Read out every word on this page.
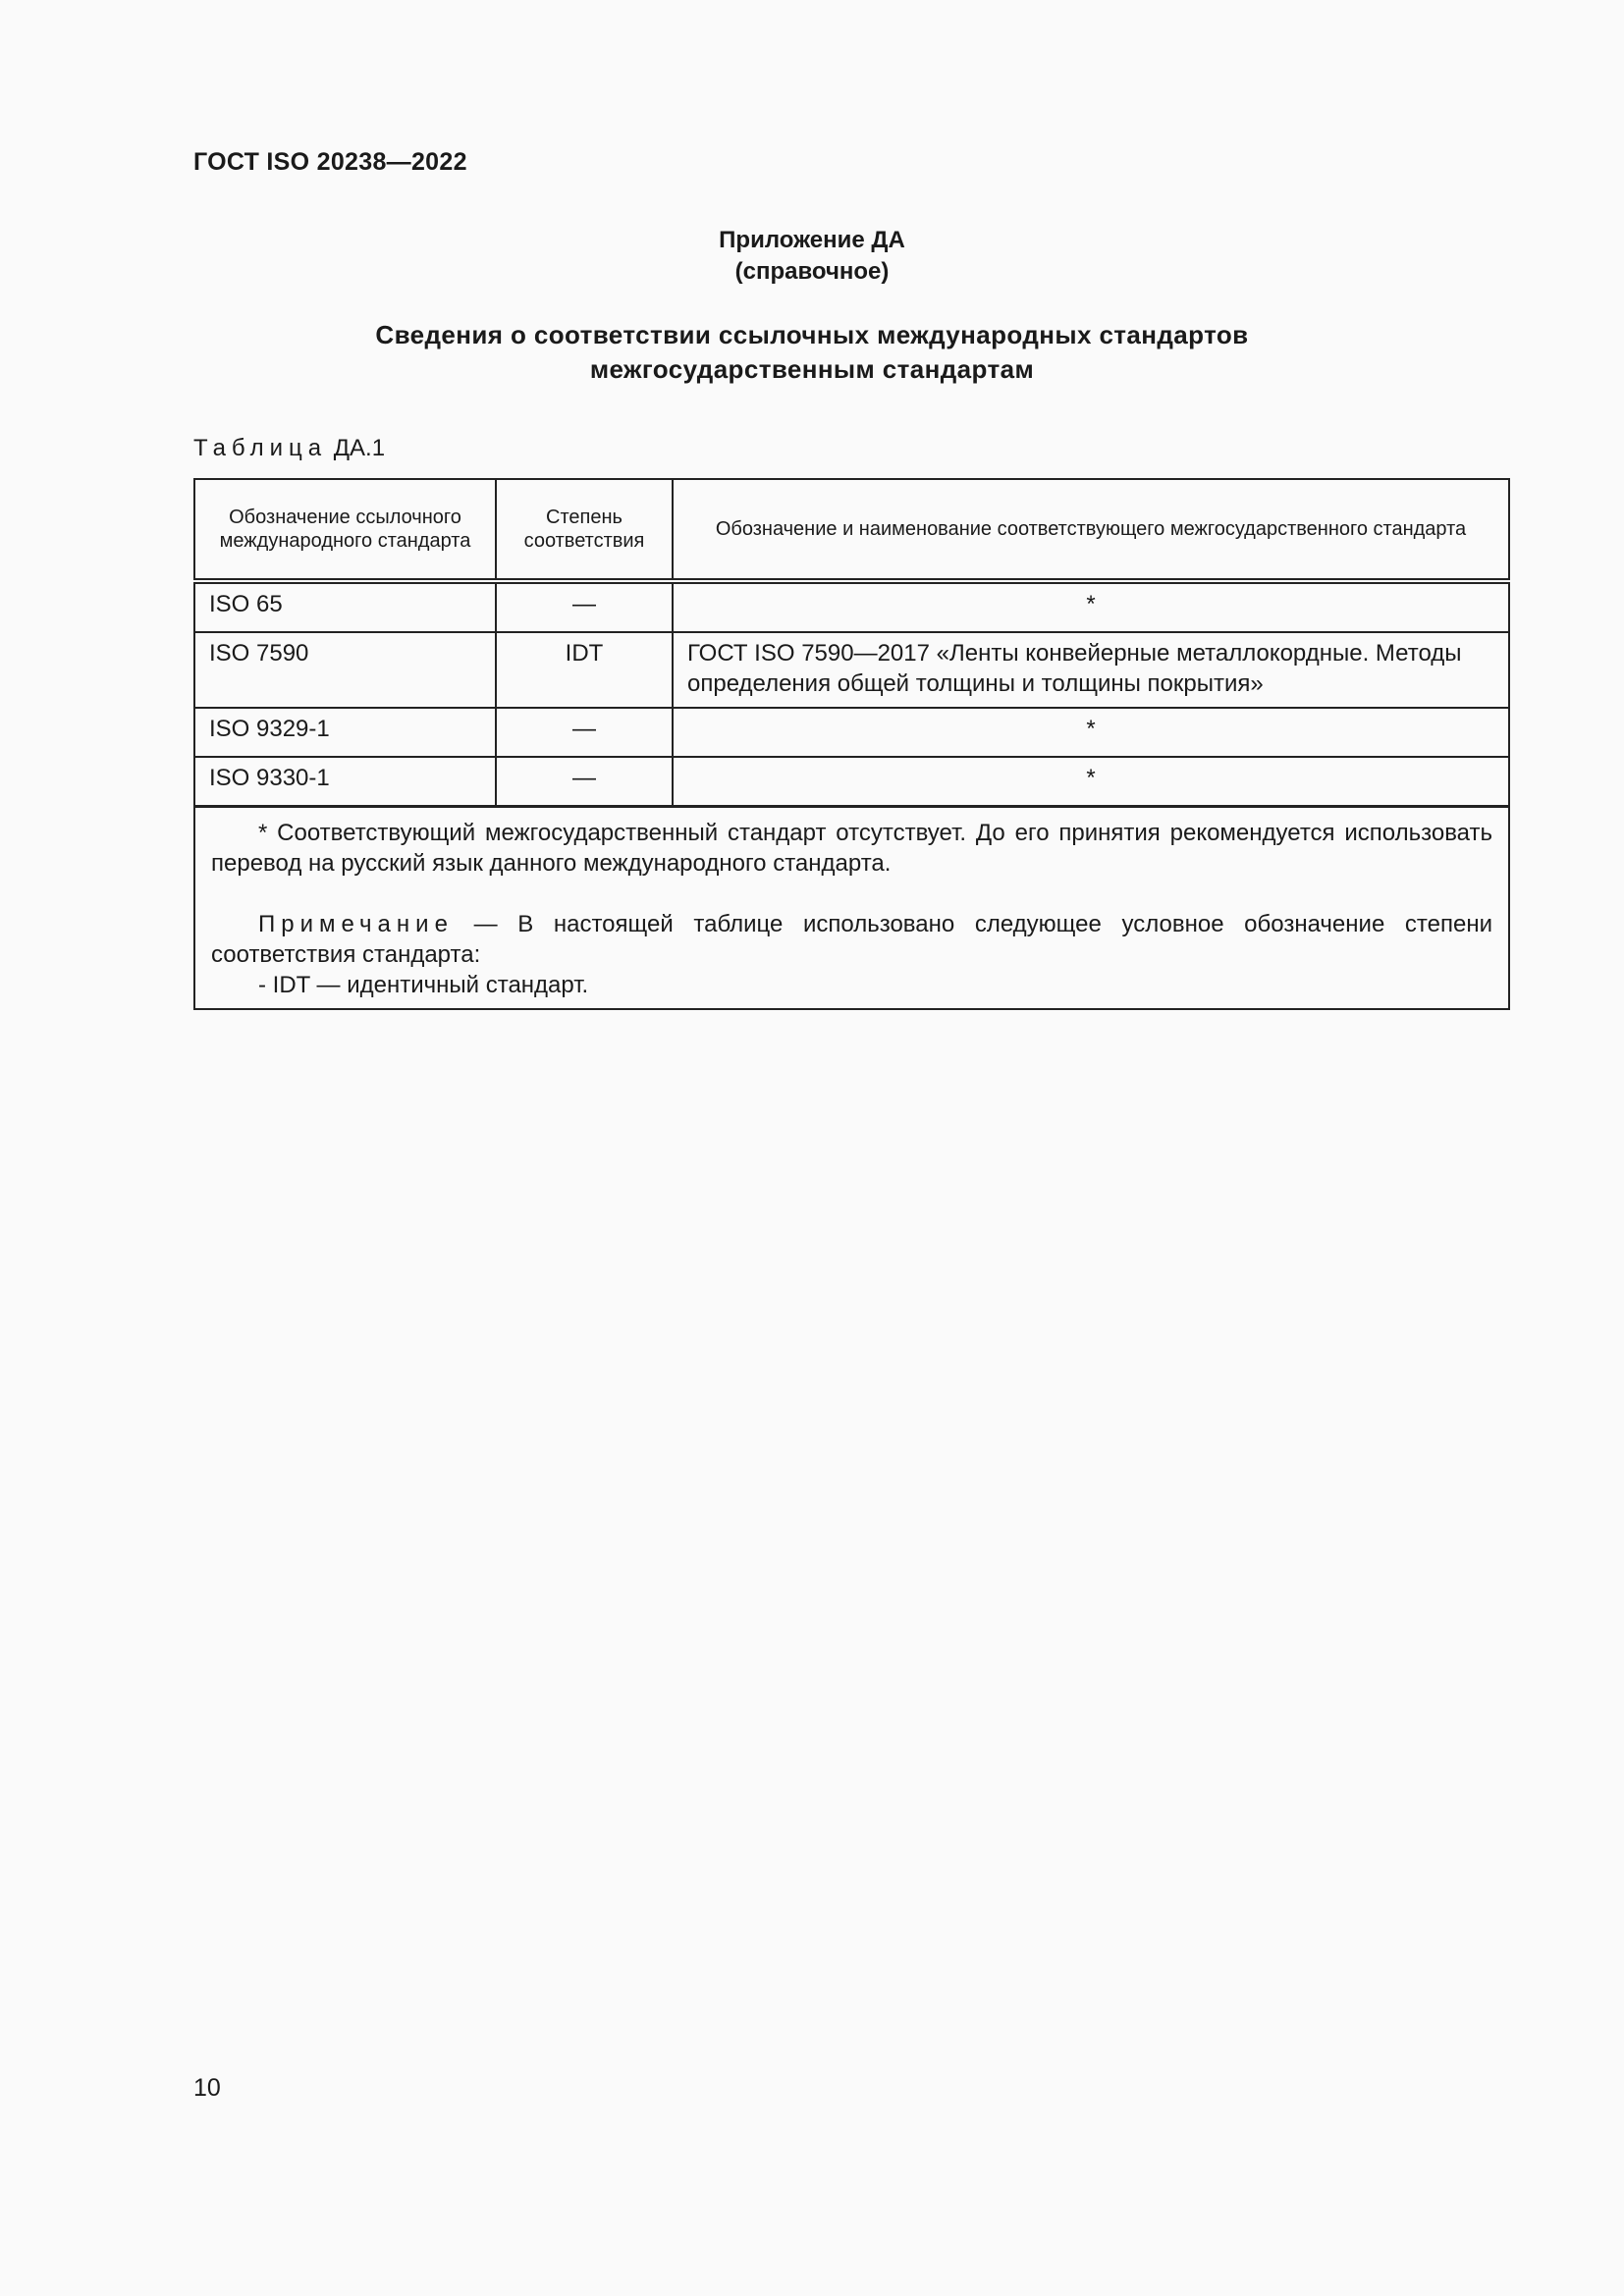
ГОСТ ISO 20238—2022
Приложение ДА
(справочное)
Сведения о соответствии ссылочных международных стандартов
межгосударственным стандартам
Таблица ДА.1
Обозначение ссылочного международного стандарта	Степень соответствия	Обозначение и наименование соответствующего межгосударственного стандарта
ISO 65	—	*
ISO 7590	IDT	ГОСТ ISO 7590—2017 «Ленты конвейерные металлокордные. Методы определения общей толщины и толщины покрытия»
ISO 9329-1	—	*
ISO 9330-1	—	*

* Соответствующий межгосударственный стандарт отсутствует. До его принятия рекомендуется использовать перевод на русский язык данного международного стандарта.
Примечание — В настоящей таблице использовано следующее условное обозначение степени соответствия стандарта:
- IDT — идентичный стандарт.		
10
